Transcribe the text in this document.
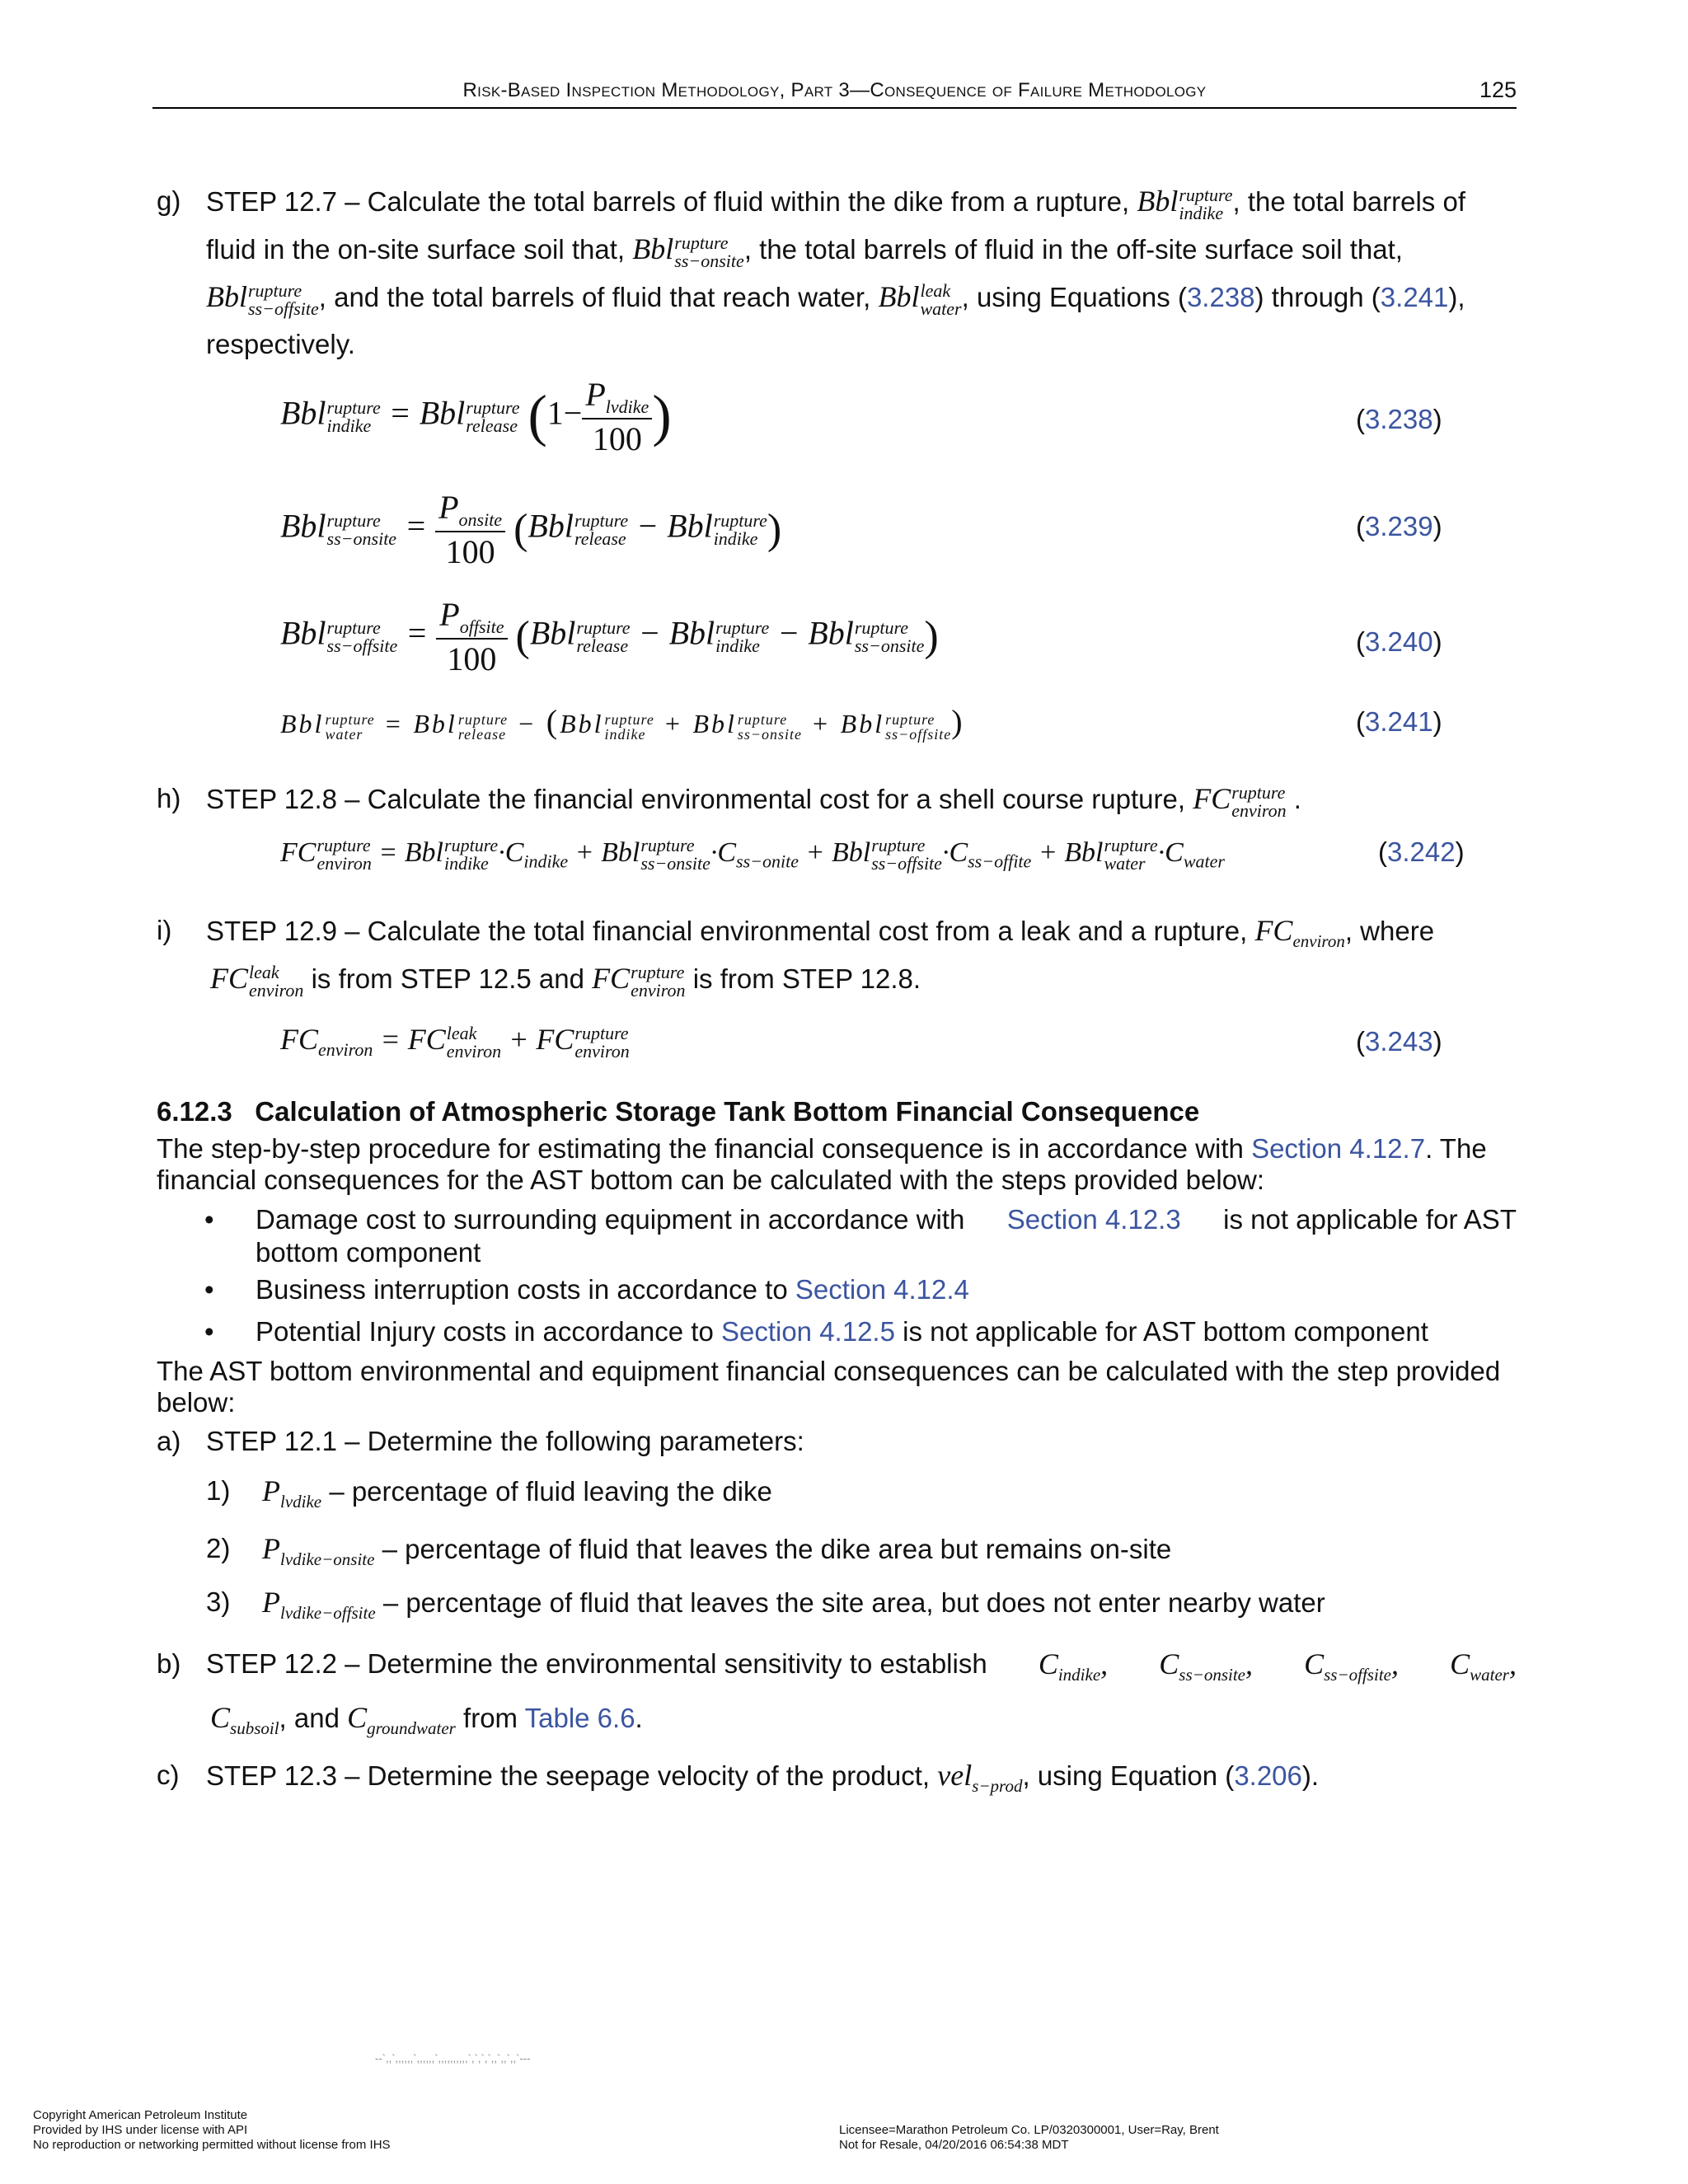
Risk-Based Inspection Methodology, Part 3—Consequence of Failure Methodology	125
g) STEP 12.7 – Calculate the total barrels of fluid within the dike from a rupture, Bbl rupture
indike , the total barrels of
fluid in the on-site surface soil that, Bbl rupture
ss−onsite , the total barrels of fluid in the off-site surface soil that,
Bbl rupture
ss−offsite , and the total barrels of fluid that reach water, Bbl leak
water , using Equations (3.238) through (3.241),
respectively.
Bbl rupture
indike = Bbl rupture
release ($1- \frac{P_{lvdike}}{100}$ )	(3.238)
Bbl rupture
ss−onsite = $\frac{P_{onsite}}{100} (Bbl$ rupture
release − Bbl rupture
indike )	(3.239)
Bbl rupture
ss−offsite = $\frac{P_{offsite}}{100} (Bbl$ rupture
release − Bbl rupture
indike − Bbl rupture
ss−onsite )	(3.240)
Bbl rupture
water = Bbl rupture
release − (Bbl rupture
indike + Bbl rupture
ss−onsite + Bbl rupture
ss−offsite )	(3.241)
h) STEP 12.8 – Calculate the financial environmental cost for a shell course rupture, FC rupture
environ .
FC rupture
environ = Bbl rupture
indike $\cdot C_{indike}$ + Bbl rupture
ss−onsite $\cdot C_{ss-onite}$ + Bbl rupture
ss−offsite $\cdot C_{ss-offite}$ + Bbl rupture
water $\cdot C_{water}$	(3.242)
i) STEP 12.9 – Calculate the total financial environmental cost from a leak and a rupture, $FC_{environ}$, where
FC leak
environ is from STEP 12.5 and FC rupture
environ is from STEP 12.8.
$FC_{environ}$ = FC leak
environ + FC rupture
environ	(3.243)
6.12.3 Calculation of Atmospheric Storage Tank Bottom Financial Consequence
The step-by-step procedure for estimating the financial consequence is in accordance with Section 4.12.7. The
financial consequences for the AST bottom can be calculated with the steps provided below:
• Damage cost to surrounding equipment in accordance with Section 4.12.3 is not applicable for AST
bottom component
• Business interruption costs in accordance to Section 4.12.4
• Potential Injury costs in accordance to Section 4.12.5 is not applicable for AST bottom component
The AST bottom environmental and equipment financial consequences can be calculated with the step provided
below:
a) STEP 12.1 – Determine the following parameters:
1) $P_{lvdike}$ – percentage of fluid leaving the dike
2) $P_{lvdike-onsite}$ – percentage of fluid that leaves the dike area but remains on-site
3) $P_{lvdike-offsite}$ – percentage of fluid that leaves the site area, but does not enter nearby water
b) STEP 12.2 – Determine the environmental sensitivity to establish $C_{indike}$, $C_{ss-onsite}$, $C_{ss-offsite}$, $C_{water}$,
$C_{subsoil}$, and $C_{groundwater}$ from Table 6.6.
c) STEP 12.3 – Determine the seepage velocity of the product, vel$_{s-prod}$, using Equation (3.206).
--`,,`,,,,,,`,,,,,,`,,,,,,,,,,`,`,`,`,,`,,`,,`---
Copyright American Petroleum Institute
Provided by IHS under license with API
No reproduction or networking permitted without license from IHS
Licensee=Marathon Petroleum Co. LP/0320300001, User=Ray, Brent
Not for Resale, 04/20/2016 06:54:38 MDT
